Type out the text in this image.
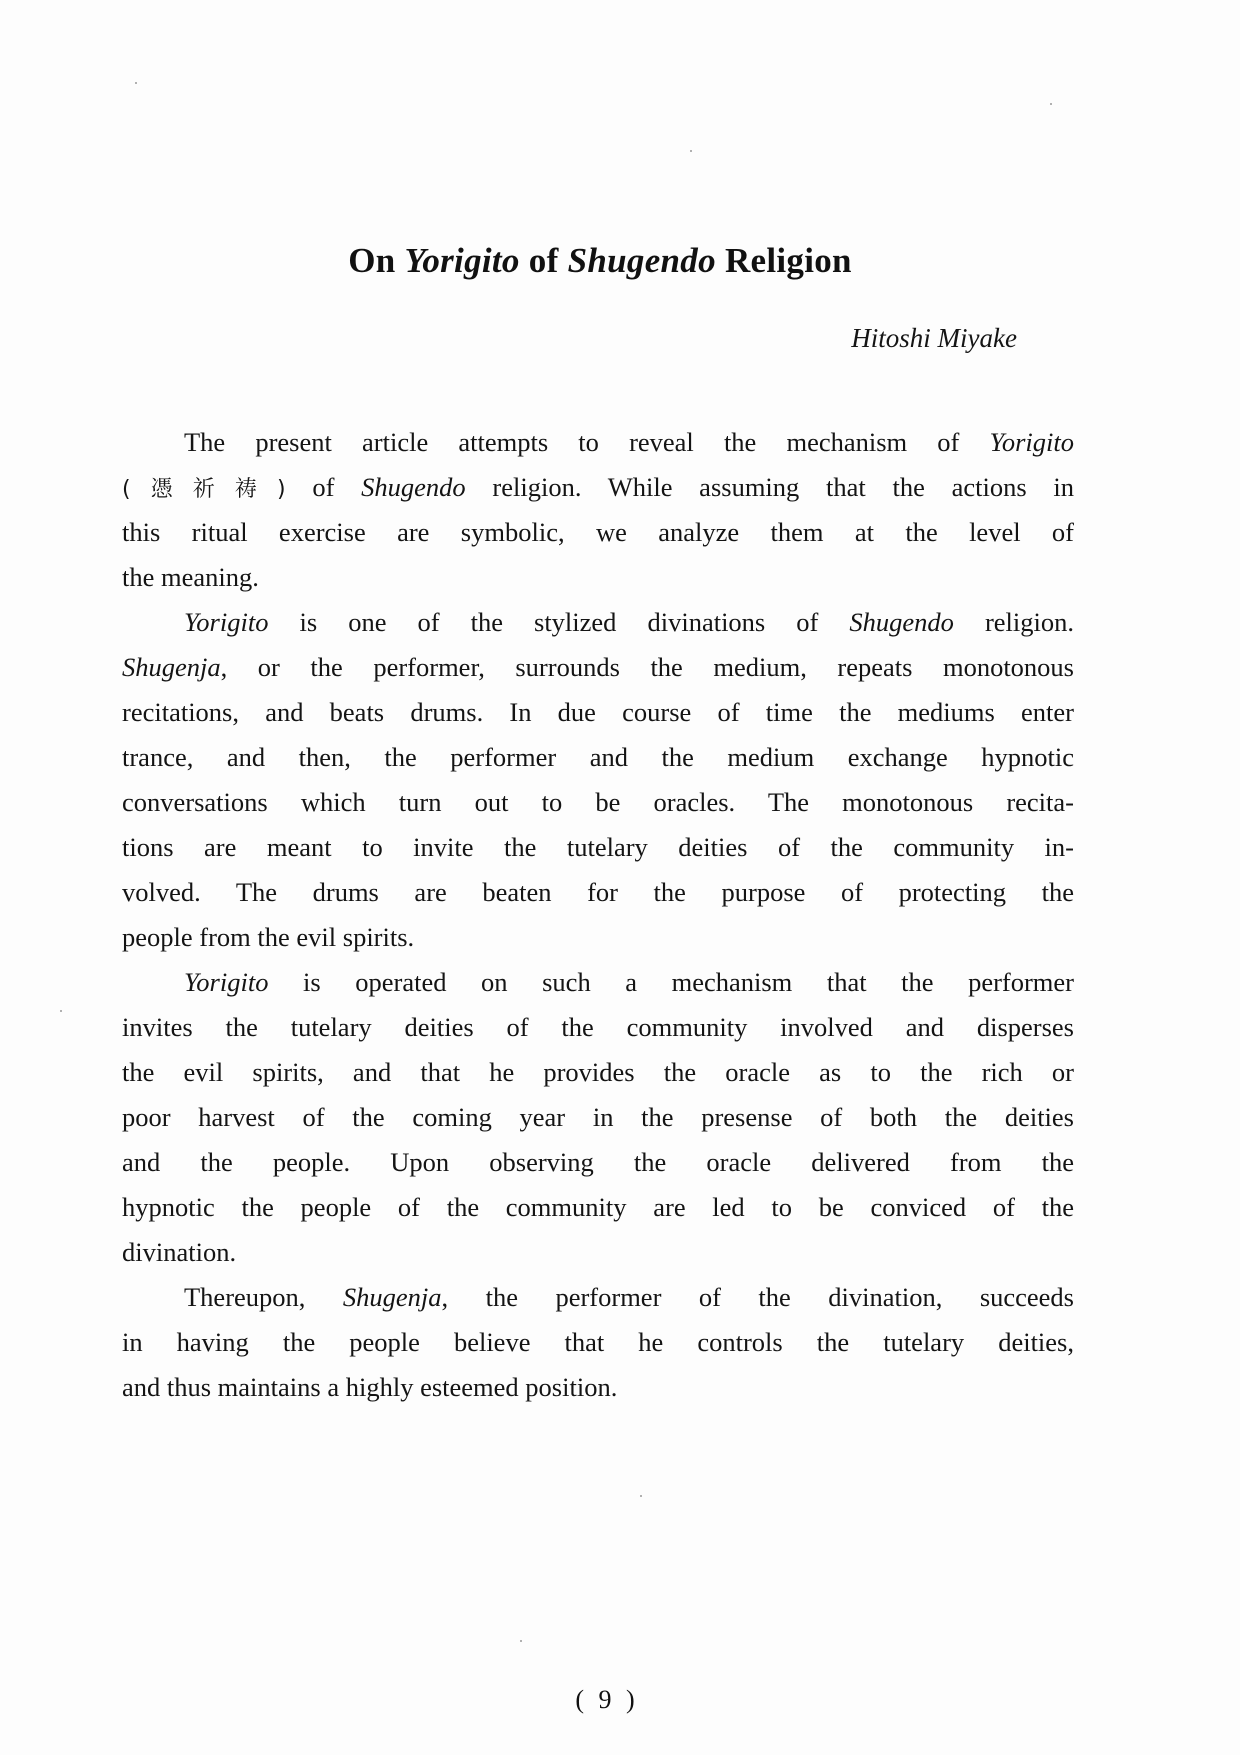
On Yorigito of Shugendo Religion
Hitoshi Miyake
The present article attempts to reveal the mechanism of Yorigito
(憑祈祷) of Shugendo religion. While assuming that the actions in
this ritual exercise are symbolic, we analyze them at the level of
the meaning.
Yorigito is one of the stylized divinations of Shugendo religion.
Shugenja, or the performer, surrounds the medium, repeats monotonous
recitations, and beats drums. In due course of time the mediums enter
trance, and then, the performer and the medium exchange hypnotic
conversations which turn out to be oracles. The monotonous recita-
tions are meant to invite the tutelary deities of the community in-
volved. The drums are beaten for the purpose of protecting the
people from the evil spirits.
Yorigito is operated on such a mechanism that the performer
invites the tutelary deities of the community involved and disperses
the evil spirits, and that he provides the oracle as to the rich or
poor harvest of the coming year in the presense of both the deities
and the people. Upon observing the oracle delivered from the
hypnotic the people of the community are led to be conviced of the
divination.
Thereupon, Shugenja, the performer of the divination, succeeds
in having the people believe that he controls the tutelary deities,
and thus maintains a highly esteemed position.
( 9 )
